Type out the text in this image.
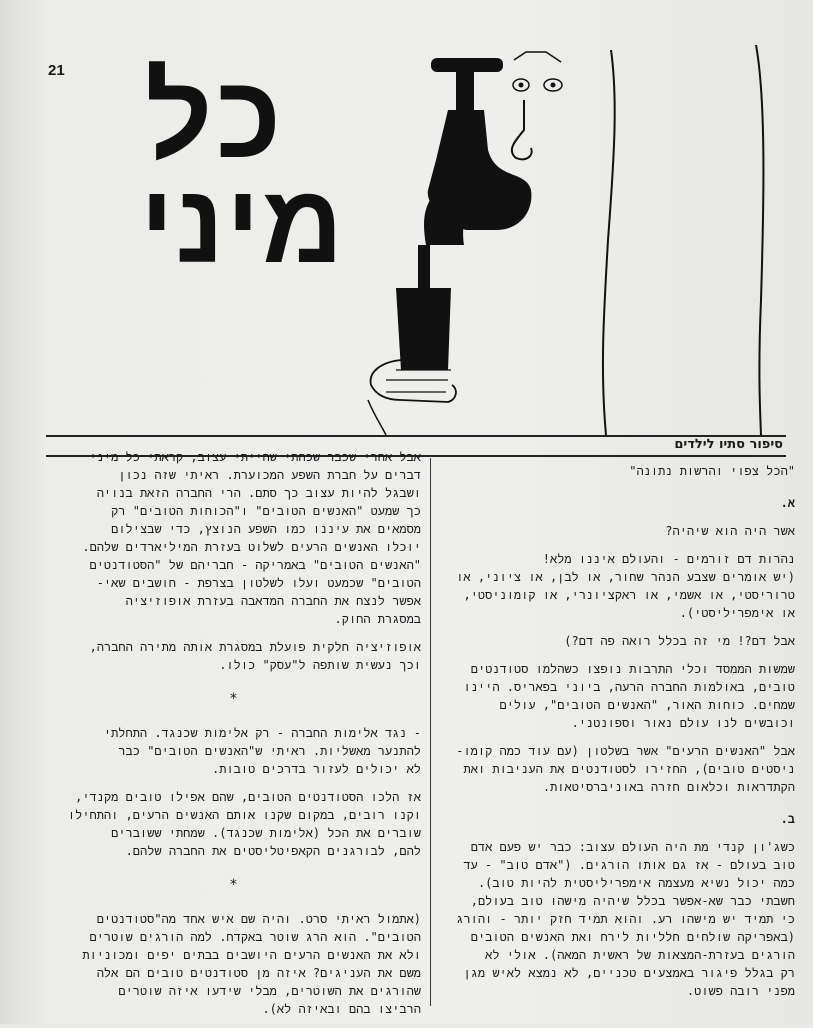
21 כל
מיני
סיפור סתיו לילדים
"הכל צפוי והרשות נתונה"
א.
אשר היה הוא שיהיה?
נהרות דם זורמים - והעולם איננו מלא!
(יש אומרים שצבע הנהר שחור, או לבן, או ציוני, או
טרוריסטי, או אשמי, או ראקציונרי, או קומוניסטי,
או אימפריליסטי).
אבל דם?! מי זה בכלל רואה פה דם?)
שמשות הממסד וכלי התרבות נופצו כשהלמו סטודנטים
טובים, באולמות החברה הרעה, ביוני בפאריס. היינו
שמחים. כוחות האור, "האנשים הטובים", עולים
וכובשים לנו עולם נאור וספונטני.
אבל "האנשים הרעים" אשר בשלטון (עם עוד כמה קומו-
ניסטים טובים), החזירו לסטודנטים את העניבות ואת
הקתדראות וכלאום חזרה באוניברסיטאות.
ב.
כשג'ון קנדי מת היה העולם עצוב: כבר יש פעם אדם
טוב בעולם - אז גם אותו הורגים. ("אדם טוב" - עד
כמה יכול נשיא מעצמה אימפריליסטית להיות טוב).
חשבתי כבר שא-אפשר בכלל שיהיה מישהו טוב בעולם,
כי תמיד יש מישהו רע. והוא תמיד חזק יותר - והורג
(באפריקה שולחים חלליות לירח ואת האנשים הטובים
הורגים בעזרת-המצאות של ראשית המאה). אולי לא
רק בגלל פיגור באמצעים טכניים, לא נמצא לאיש מגן
מפני רובה פשוט.
אבל אחרי שכבר שכחתי שהייתי עצוב, קראתי כל מיני
דברים על חברת השפע המכוערת. ראיתי שזה נכון
ושבגל להיות עצוב כך סתם. הרי החברה הזאת בנויה
כך שמעט "האנשים הטובים" ו"הכוחות הטובים" רק
מסמאים את עיננו כמו השפע הנוצץ, כדי שבצילום
יוכלו האנשים הרעים לשלוט בעזרת המיליארדים שלהם.
"האנשים הטובים" באמריקה - חבריהם של "הסטודנטים
הטובים" שכמעט ועלו לשלטון בצרפת - חושבים שאי-
אפשר לנצח את החברה המדאבה בעזרת אופוזיציה
במסגרת החוק.
אופוזיציה חלקית פועלת במסגרת אותה מתירה החברה,
וכך נעשית שותפה ל"עסק" כולו.
*
- נגד אלימות החברה - רק אלימות שכנגד. התחלתי
להתנער מאשליות. ראיתי ש"האנשים הטובים" כבר
לא יכולים לעזור בדרכים טובות.
אז הלכו הסטודנטים הטובים, שהם אפילו טובים מקנדי,
וקנו רובים, במקום שקנו אותם האנשים הרעים, והתחילו
שוברים את הכל (אלימות שכנגד). שמחתי ששוברים
להם, לבורגנים הקאפיטליסטים את החברה שלהם.
*
(אתמול ראיתי סרט. והיה שם איש אחד מה"סטודנטים
הטובים". הוא הרג שוטר באקדח. למה הורגים שוטרים
ולא את האנשים הרעים היושבים בבתים יפים ומכוניות
משם את העניגים? איזה מן סטודנטים טובים הם אלה
שהורגים את השוטרים, מבלי שידעו איזה שוטרים
הרביצו בהם ובאיזה לא).
